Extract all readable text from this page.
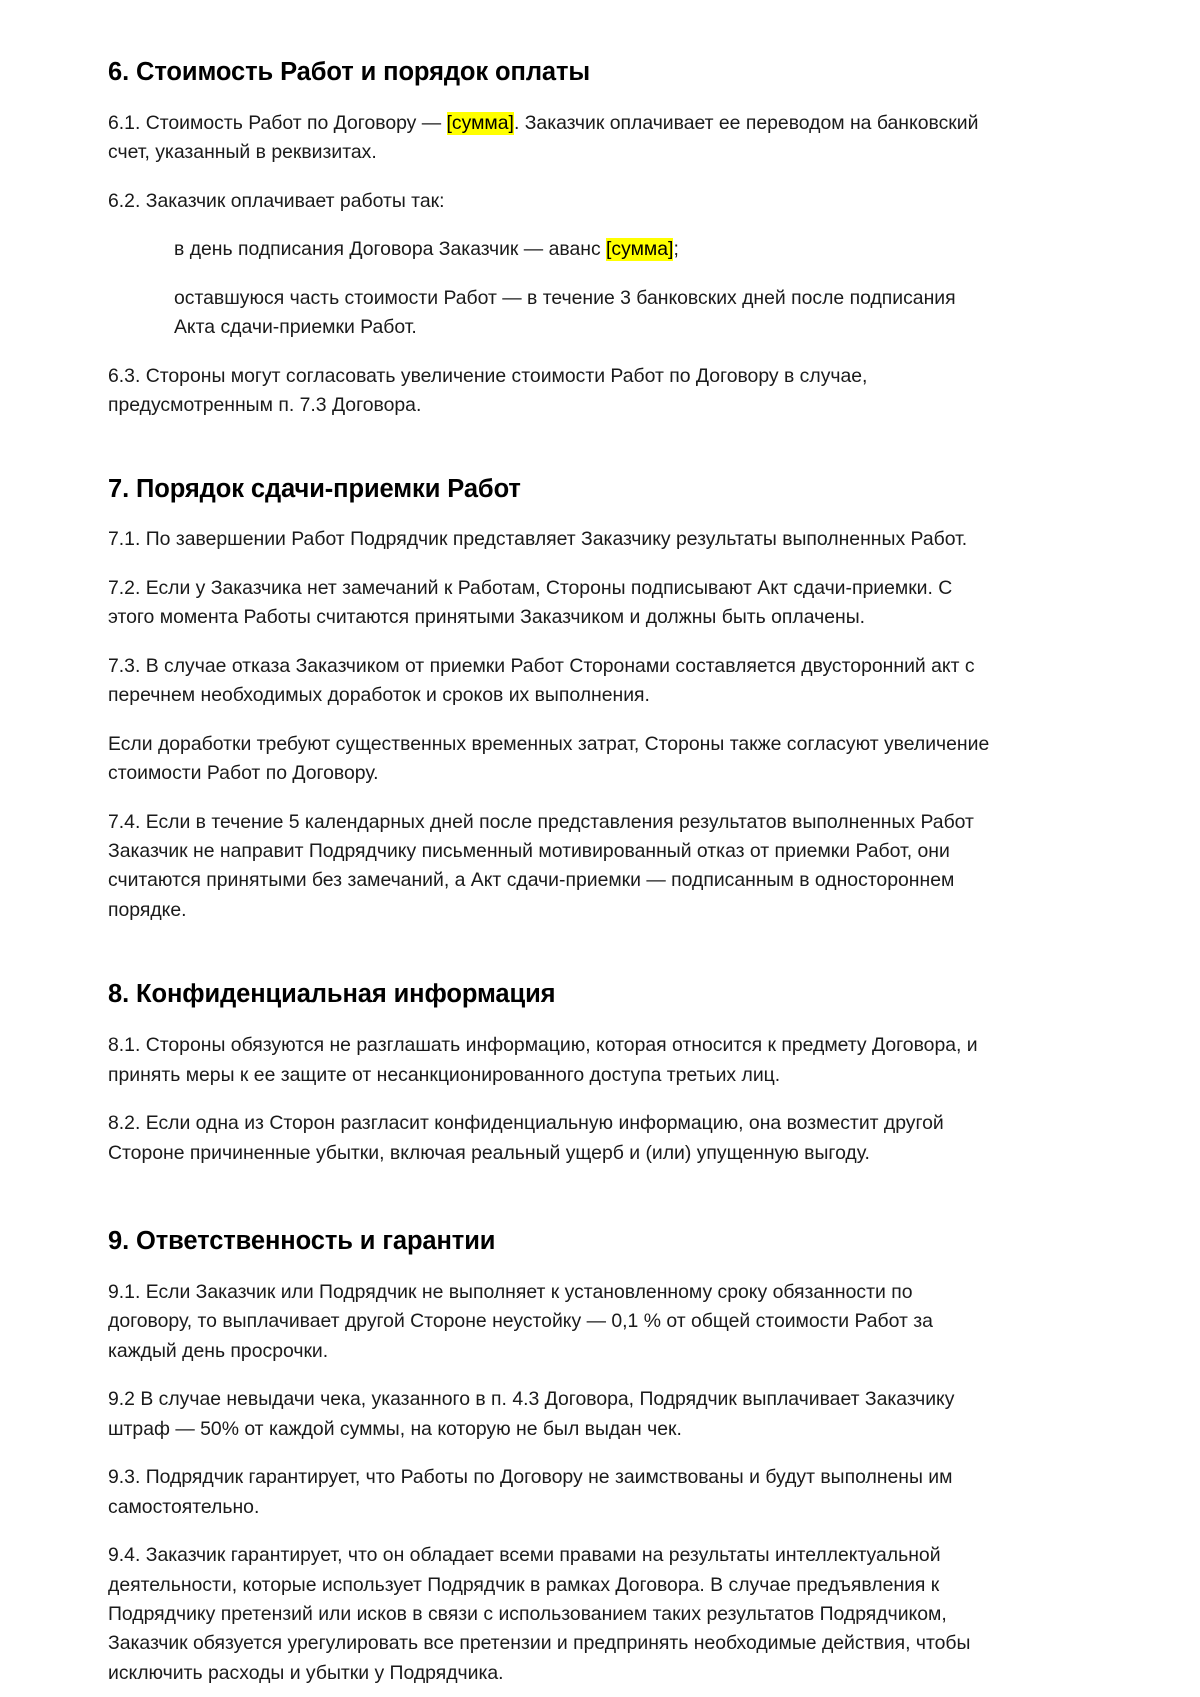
6. Стоимость Работ и порядок оплаты

6.1. Стоимость Работ по Договору — [сумма]. Заказчик оплачивает ее переводом на банковский счет, указанный в реквизитах.

6.2. Заказчик оплачивает работы так:

в день подписания Договора Заказчик — аванс [сумма];

оставшуюся часть стоимости Работ — в течение 3 банковских дней после подписания Акта сдачи-приемки Работ.

6.3. Стороны могут согласовать увеличение стоимости Работ по Договору в случае, предусмотренным п. 7.3 Договора.

7. Порядок сдачи-приемки Работ

7.1. По завершении Работ Подрядчик представляет Заказчику результаты выполненных Работ.

7.2. Если у Заказчика нет замечаний к Работам, Стороны подписывают Акт сдачи-приемки. С этого момента Работы считаются принятыми Заказчиком и должны быть оплачены.

7.3. В случае отказа Заказчиком от приемки Работ Сторонами составляется двусторонний акт с перечнем необходимых доработок и сроков их выполнения.

Если доработки требуют существенных временных затрат, Стороны также согласуют увеличение стоимости Работ по Договору.

7.4. Если в течение 5 календарных дней после представления результатов выполненных Работ Заказчик не направит Подрядчику письменный мотивированный отказ от приемки Работ, они считаются принятыми без замечаний, а Акт сдачи-приемки — подписанным в одностороннем порядке.

8. Конфиденциальная информация

8.1. Стороны обязуются не разглашать информацию, которая относится к предмету Договора, и принять меры к ее защите от несанкционированного доступа третьих лиц.

8.2. Если одна из Сторон разгласит конфиденциальную информацию, она возместит другой Стороне причиненные убытки, включая реальный ущерб и (или) упущенную выгоду.

9. Ответственность и гарантии

9.1. Если Заказчик или Подрядчик не выполняет к установленному сроку обязанности по договору, то выплачивает другой Стороне неустойку — 0,1 % от общей стоимости Работ за каждый день просрочки.

9.2 В случае невыдачи чека, указанного в п. 4.3 Договора, Подрядчик выплачивает Заказчику штраф — 50% от каждой суммы, на которую не был выдан чек.

9.3. Подрядчик гарантирует, что Работы по Договору не заимствованы и будут выполнены им самостоятельно.

9.4. Заказчик гарантирует, что он обладает всеми правами на результаты интеллектуальной деятельности, которые использует Подрядчик в рамках Договора. В случае предъявления к Подрядчику претензий или исков в связи с использованием таких результатов Подрядчиком, Заказчик обязуется урегулировать все претензии и предпринять необходимые действия, чтобы исключить расходы и убытки у Подрядчика.
